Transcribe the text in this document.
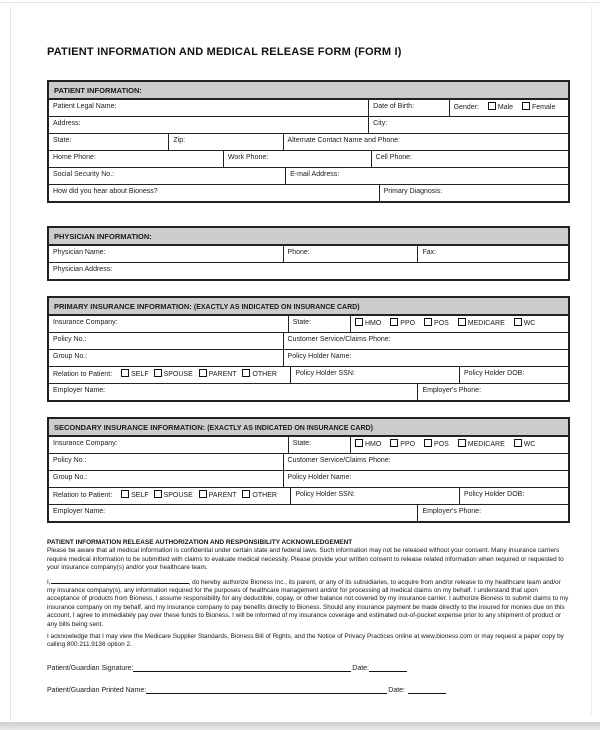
PATIENT INFORMATION AND MEDICAL RELEASE FORM (FORM I)
PATIENT INFORMATION:
Patient Legal Name:	Date of Birth:	Gender:	Male	Female
Address:	City:
State:	Zip:	Alternate Contact Name and Phone:
Home Phone:	Work Phone:	Cell Phone:
Social Security No.:	E-mail Address:
How did you hear about Bioness?	Primary Diagnosis:
PHYSICIAN INFORMATION:
Physician Name:	Phone:	Fax:
Physician Address:
PRIMARY INSURANCE INFORMATION: (EXACTLY AS INDICATED ON INSURANCE CARD)
Insurance Company:	State:	HMO	PPO	POS	MEDICARE	WC
Policy No.:	Customer Service/Claims Phone:
Group No.:	Policy Holder Name:
Relation to Patient:	SELF SPOUSE PARENT OTHER	Policy Holder SSN:	Policy Holder DOB:
Employer Name:	Employer's Phone:
SECONDARY INSURANCE INFORMATION: (EXACTLY AS INDICATED ON INSURANCE CARD)
Insurance Company:	State:	HMO	PPO	POS	MEDICARE	WC
Policy No.:	Customer Service/Claims Phone:
Group No.:	Policy Holder Name:
Relation to Patient:	SELF SPOUSE PARENT OTHER	Policy Holder SSN:	Policy Holder DOB:
Employer Name:	Employer's Phone:
PATIENT INFORMATION RELEASE AUTHORIZATION AND RESPONSIBILITY ACKNOWLEDGEMENT

Please be aware that all medical information is confidential under certain state and federal laws. Such information may not be released without your consent. Many insurance carriers require medical information to be submitted with claims to evaluate medical necessity. Please provide your written consent to release related information when required or requested to your insurance company(s) and/or your healthcare team.

I,	, do hereby authorize Bioness Inc., its parent, or any of its subsidiaries, to acquire from and/or release to my healthcare team and/or my insurance company(s), any information required for the purposes of healthcare management and/or for processing all medical claims on my behalf. I understand that upon acceptance of products from Bioness, I assume responsibility for any deductible, copay, or other balance not covered by my insurance carrier. I authorize Bioness to submit claims to my insurance company on my behalf, and my insurance company to pay benefits directly to Bioness. Should any insurance payment be made directly to the insured for monies due on this account, I agree to immediately pay over these funds to Bioness. I will be informed of my insurance coverage and estimated out-of-pocket expense prior to any shipment of product or any bills being sent.

I acknowledge that I may view the Medicare Supplier Standards, Bioness Bill of Rights, and the Notice of Privacy Practices online at www.bioness.com or may request a paper copy by calling 800.211.9136 option 2.

Patient/Guardian Signature:	Date:
Patient/Guardian Printed Name:	Date:
